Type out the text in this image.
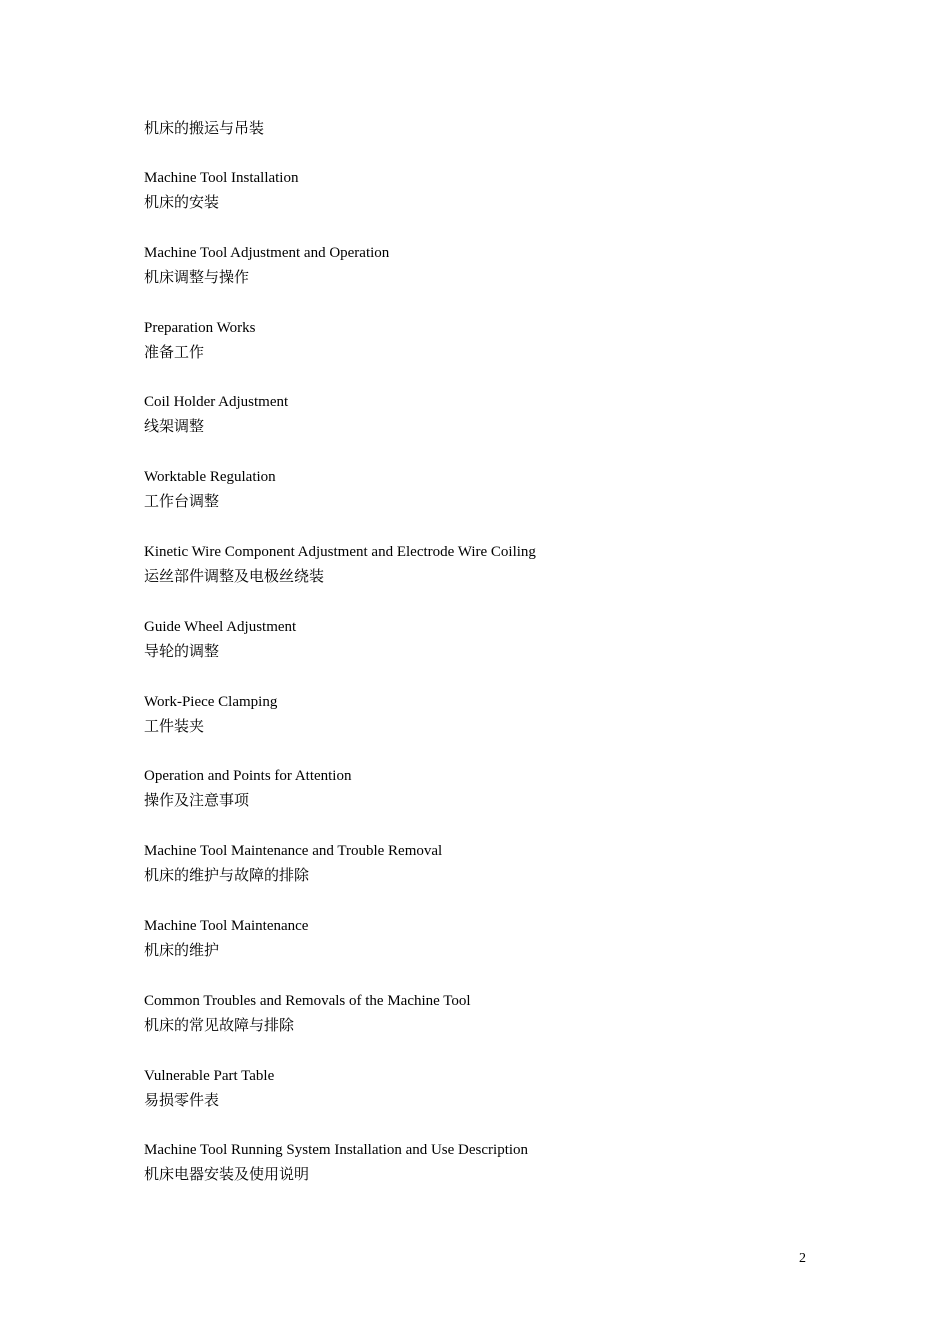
机床的搬运与吊装
Machine Tool Installation
机床的安装
Machine Tool Adjustment and Operation
机床调整与操作
Preparation Works
准备工作
Coil Holder Adjustment
线架调整
Worktable Regulation
工作台调整
Kinetic Wire Component Adjustment and Electrode Wire Coiling
运丝部件调整及电极丝绕装
Guide Wheel Adjustment
导轮的调整
Work-Piece Clamping
工件装夹
Operation and Points for Attention
操作及注意事项
Machine Tool Maintenance and Trouble Removal
机床的维护与故障的排除
Machine Tool Maintenance
机床的维护
Common Troubles and Removals of the Machine Tool
机床的常见故障与排除
Vulnerable Part Table
易损零件表
Machine Tool Running System Installation and Use Description
机床电器安装及使用说明
2
